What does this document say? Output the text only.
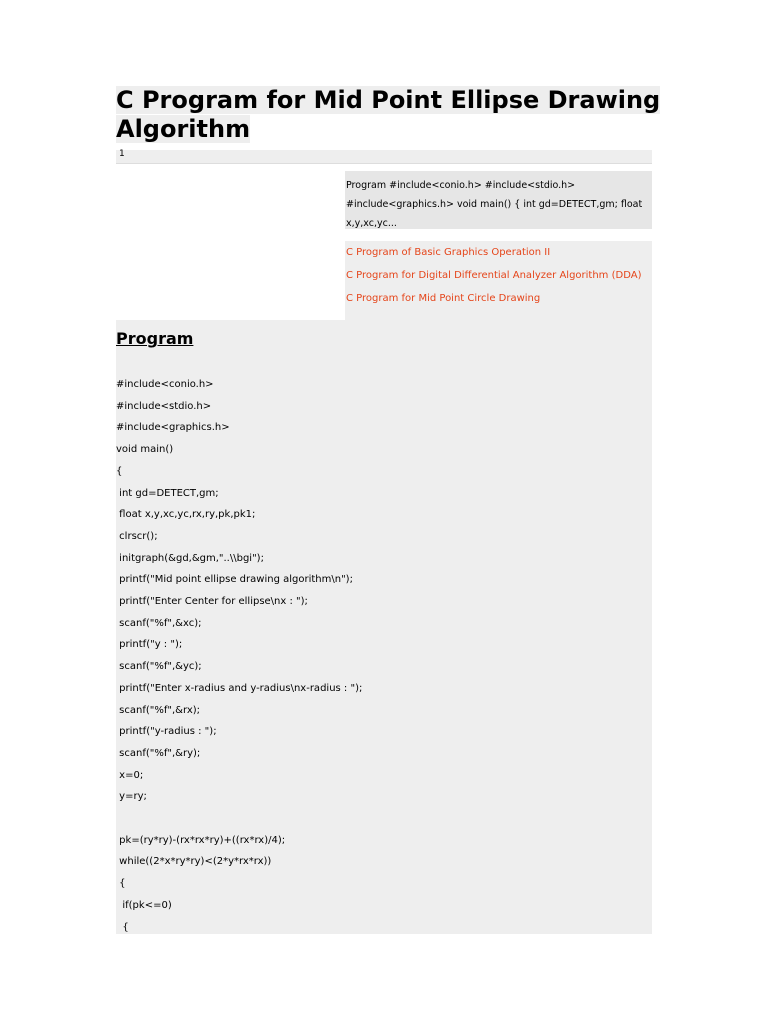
C Program for Mid Point Ellipse Drawing Algorithm
1
Program #include<conio.h> #include<stdio.h> #include<graphics.h> void main() { int gd=DETECT,gm; float x,y,xc,yc...
C Program of Basic Graphics Operation II
C Program for Digital Differential Analyzer Algorithm (DDA)
C Program for Mid Point Circle Drawing
Program
#include<conio.h>
#include<stdio.h>
#include<graphics.h>
void main()
{
int gd=DETECT,gm;
float x,y,xc,yc,rx,ry,pk,pk1;
clrscr();
initgraph(&gd,&gm,"..\\bgi");
printf("Mid point ellipse drawing algorithm\n");
printf("Enter Center for ellipse\nx : ");
scanf("%f",&xc);
printf("y : ");
scanf("%f",&yc);
printf("Enter x-radius and y-radius\nx-radius : ");
scanf("%f",&rx);
printf("y-radius : ");
scanf("%f",&ry);
x=0;
y=ry;

pk=(ry*ry)-(rx*rx*ry)+((rx*rx)/4);
while((2*x*ry*ry)<(2*y*rx*rx))
{
if(pk<=0)
{
